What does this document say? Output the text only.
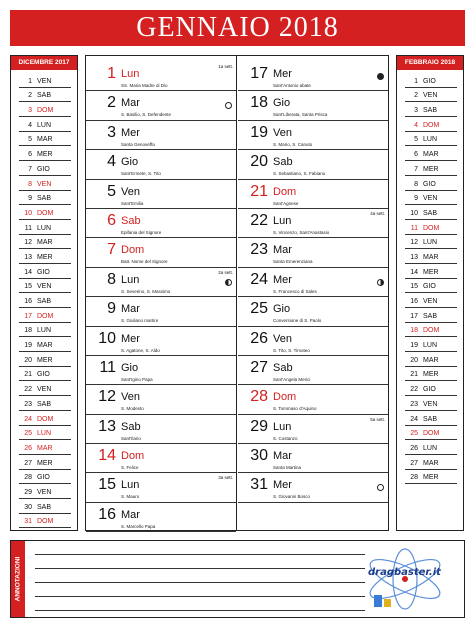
GENNAIO 2018
DICEMBRE 2017
1 VEN
2 SAB
3 DOM
4 LUN
5 MAR
6 MER
7 GIO
8 VEN
9 SAB
10 DOM
11 LUN
12 MAR
13 MER
14 GIO
15 VEN
16 SAB
17 DOM
18 LUN
19 MAR
20 MER
21 GIO
22 VEN
23 SAB
24 DOM
25 LUN
26 MAR
27 MER
28 GIO
29 VEN
30 SAB
31 DOM
1 Lun
SS. Maria Madre di Dio
1a sett.
2 Mar
S. Basilio, S. Defendente
3 Mer
Santa Genoveffa
4 Gio
Sant'Ermete, S. Tito
5 Ven
Sant'Emilia
6 Sab
Epifania del Signore
7 Dom
Batt. Nome del Signore
8 Lun
S. Severino, S. Massimo
2a sett.
9 Mar
S. Giuliano martire
10 Mer
S. Agatone, S. Aldo
11 Gio
Sant'Igino Papa
12 Ven
S. Modesto
13 Sab
Sant'Ilario
14 Dom
S. Felice
15 Lun
S. Mauro
3a sett.
16 Mar
S. Marcello Papa
17 Mer
Sant'Antonio abate
18 Gio
Sant'Liberata, Santa Prisca
19 Ven
S. Mario, S. Canuto
20 Sab
S. Sebastiano, S. Fabiano
21 Dom
Sant'Agnese
22 Lun
S. Vincenzo, Sant'Anastasio
4a sett.
23 Mar
Santa Emerenziana
24 Mer
S. Francesco di Sales
25 Gio
Conversione di S. Paolo
26 Ven
S. Tito, S. Timoteo
27 Sab
Sant'Angela Merici
28 Dom
S. Tommaso d'Aquino
29 Lun
S. Costanzo
5a sett.
30 Mar
Santa Martina
31 Mer
S. Giovanni Bosco
FEBBRAIO 2018
1 GIO
2 VEN
3 SAB
4 DOM
5 LUN
6 MAR
7 MER
8 GIO
9 VEN
10 SAB
11 DOM
12 LUN
13 MAR
14 MER
15 GIO
16 VEN
17 SAB
18 DOM
19 LUN
20 MAR
21 MER
22 GIO
23 VEN
24 SAB
25 DOM
26 LUN
27 MAR
28 MER
ANNOTAZIONI	dragbaster.it
